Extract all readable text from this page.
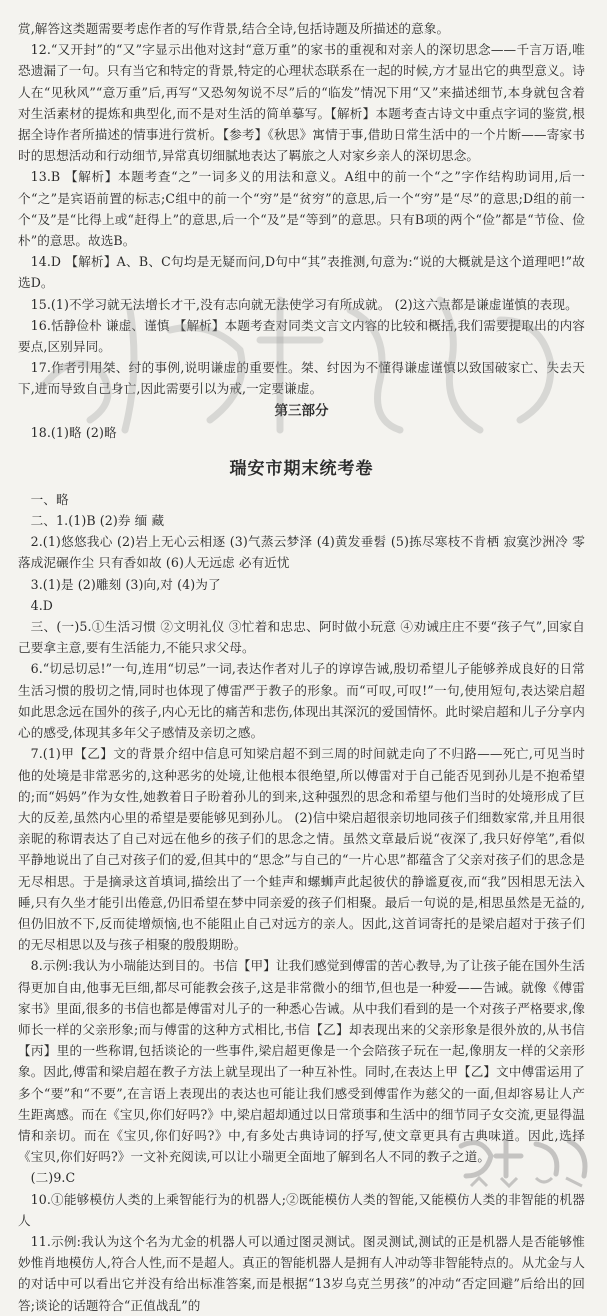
赏,解答这类题需要考虑作者的写作背景,结合全诗,包括诗题及所描述的意象。

12.“又开封”的“又”字显示出他对这封“意万重”的家书的重视和对亲人的深切思念——千言万语,唯恐遗漏了一句。只有当它和特定的背景,特定的心理状态联系在一起的时候,方才显出它的典型意义。诗人在“见秋风”“意万重”后,再写“又恐匆匆说不尽”后的“临发”情况下用“又”来描述细节,本身就包含着对生活素材的提炼和典型化,而不是对生活的简单摹写。【解析】本题考查古诗文中重点字词的鉴赏,根据全诗作者所描述的情事进行赏析。【参考】《秋思》寓情于事,借助日常生活中的一个片断——寄家书时的思想活动和行动细节,异常真切细腻地表达了羁旅之人对家乡亲人的深切思念。

13.B 【解析】本题考查“之”一词多义的用法和意义。A组中的前一个“之”字作结构助词用,后一个“之”是宾语前置的标志;C组中的前一个“穷”是“贫穷”的意思,后一个“穷”是“尽”的意思;D组的前一个“及”是“比得上或“赶得上”的意思,后一个“及”是“等到”的意思。只有B项的两个“俭”都是“节俭、俭朴”的意思。故选B。

14.D 【解析】A、B、C句均是无疑而问,D句中“其”表推测,句意为:“说的大概就是这个道理吧!”故选D。

15.(1)不学习就无法增长才干,没有志向就无法使学习有所成就。 (2)这六点都是谦虚谨慎的表现。

16.恬静俭朴 谦虚、谨慎 【解析】本题考查对同类文言文内容的比较和概括,我们需要提取出的内容要点,区别异同。

17.作者引用桀、纣的事例,说明谦虚的重要性。桀、纣因为不懂得谦虚谨慎以致国破家亡、失去天下,进而导致自己身亡,因此需要引以为戒,一定要谦虚。

第三部分

18.(1)略 (2)略

瑞安市期末统考卷

一、略

二、1.(1)B (2)券 缅 藏

2.(1)悠悠我心 (2)岩上无心云相逐 (3)气蒸云梦泽 (4)黄发垂髫 (5)拣尽寒枝不肯栖 寂寞沙洲冷 零落成泥碾作尘 只有香如故 (6)人无远虑 必有近忧

3.(1)是 (2)雕刻 (3)向,对 (4)为了

4.D

三、(一)5.①生活习惯 ②文明礼仪 ③忙着和忠忠、阿时做小玩意 ④劝诫庄庄不要“孩子气”,回家自己要拿主意,要有生活能力,不能只求父母。

6.“切忌切忌!”一句,连用“切忌”一词,表达作者对儿子的谆谆告诫,殷切希望儿子能够养成良好的日常生活习惯的殷切之情,同时也体现了傅雷严于教子的形象。而“可叹,可叹!”一句,使用短句,表达梁启超如此思念远在国外的孩子,内心无比的痛苦和悲伤,体现出其深沉的爱国情怀。此时梁启超和儿子分享内心的感受,体现其多年父子感情及亲切之感。

7.(1)甲【乙】文的背景介绍中信息可知梁启超不到三周的时间就走向了不归路——死亡,可见当时他的处境是非常恶劣的,这种恶劣的处境,让他根本很绝望,所以傅雷对于自己能否见到孙儿是不抱希望的;而“妈妈”作为女性,她教着日子盼着孙儿的到来,这种强烈的思念和希望与他们当时的处境形成了巨大的反差,虽然内心里的希望是要能够见到孙儿。 (2)信中梁启超很亲切地同孩子们细数家常,并且用很亲昵的称谓表达了自己对远在他乡的孩子们的思念之情。虽然文章最后说“夜深了,我只好停笔”,看似平静地说出了自己对孩子们的爱,但其中的“思念”与自己的“一片心思”都蕴含了父亲对孩子们的思念是无尽相思。于是摘录这首填词,描绘出了一个蛙声和螺蛳声此起彼伏的静谧夏夜,而“我”因相思无法入睡,只有久坐才能引出倦意,仍旧希望在梦中同亲爱的孩子们相聚。最后一句说的是,相思虽然是无益的,但仍旧放不下,反而徒增烦恼,也不能阻止自己对远方的亲人。因此,这首词寄托的是梁启超对于孩子们的无尽相思以及与孩子相聚的殷殷期盼。

8.示例:我认为小瑞能达到目的。书信【甲】让我们感觉到傅雷的苦心教导,为了让孩子能在国外生活得更加自由,他事无巨细,都尽可能教会孩子,这是非常微小的细节,但也是一种爱——告诫。就像《傅雷家书》里面,很多的书信也都是傅雷对儿子的一种悉心告诫。从中我们看到的是一个对孩子严格要求,像师长一样的父亲形象;而与傅雷的这种方式相比,书信【乙】却表现出来的父亲形象是很外放的,从书信【丙】里的一些称谓,包括谈论的一些事件,梁启超更像是一个会陪孩子玩在一起,像朋友一样的父亲形象。因此,傅雷和梁启超在教子方法上就呈现出了一种互补性。同时,在表达上甲【乙】文中傅雷运用了多个“要”和“不要”,在言语上表现出的表达也可能让我们感受到傅雷作为慈父的一面,但却容易让人产生距离感。而在《宝贝,你们好吗?》中,梁启超却通过以日常琐事和生活中的细节同子女交流,更显得温情和亲切。而在《宝贝,你们好吗?》中,有多处古典诗词的抒写,使文章更具有古典味道。因此,选择《宝贝,你们好吗?》一文补充阅读,可以让小瑞更全面地了解到名人不同的教子之道。

(二)9.C

10.①能够模仿人类的上乘智能行为的机器人;②既能模仿人类的智能,又能模仿人类的非智能的机器人

11.示例:我认为这个名为尤金的机器人可以通过图灵测试。图灵测试,测试的正是机器人是否能够惟妙惟肖地模仿人,符合人性,而不是超人。真正的智能机器人是拥有人冲动等非智能特点的。从尤金与人的对话中可以看出它并没有给出标准答案,而是根据“13岁乌克兰男孩”的冲动“否定回避”后给出的回答;谈论的话题符合“正值战乱”的
